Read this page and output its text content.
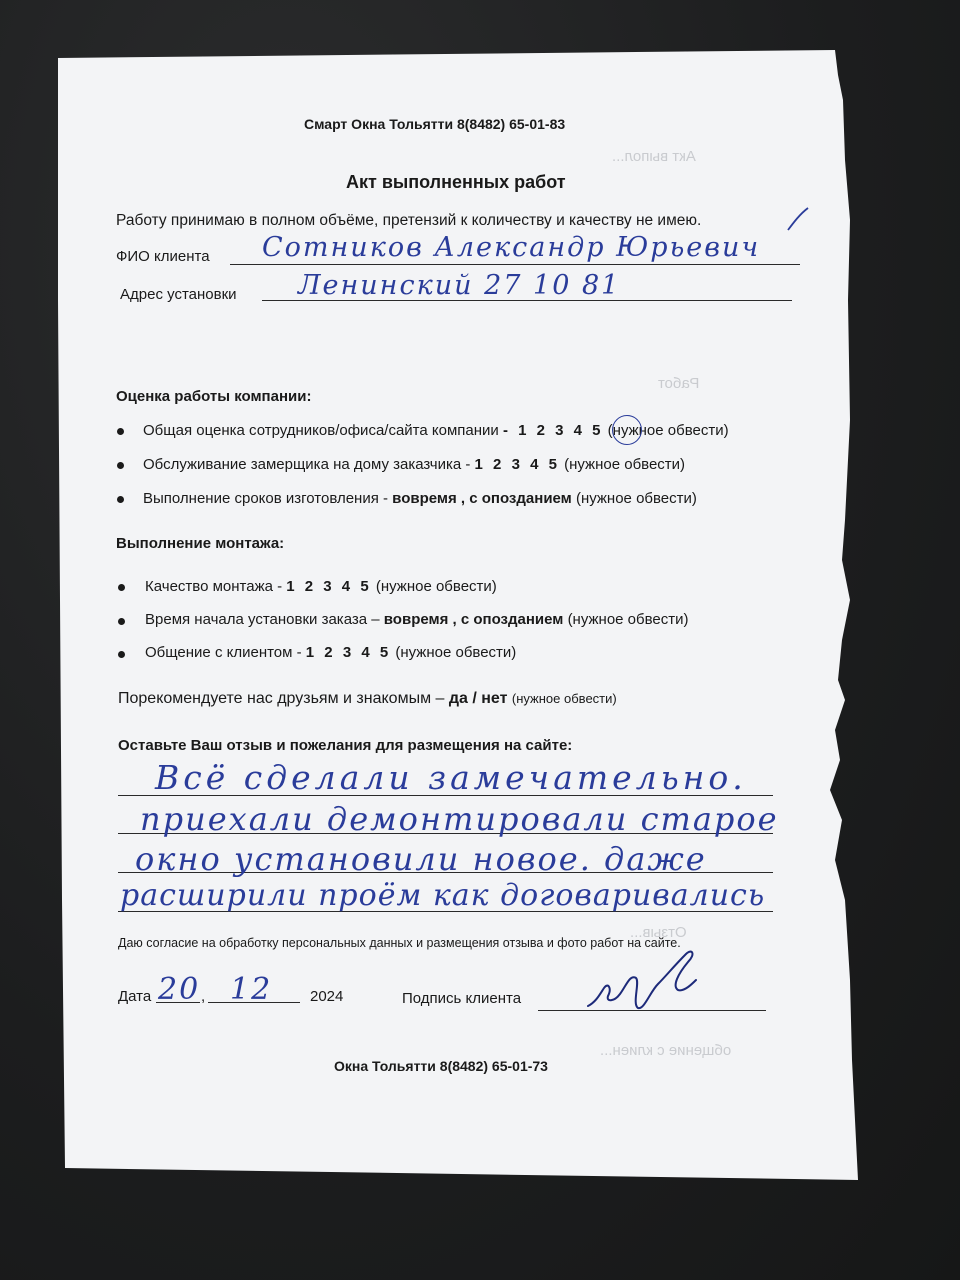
Акт выпол...
Работ
Отзыв...
общение с клиен...
Смарт Окна Тольятти 8(8482) 65-01-83
Акт выполненных работ
Работу принимаю в полном объёме, претензий к количеству и качеству не имею.
ФИО клиента Сотников Александр Юрьевич
Адрес установки Ленинский 27 10 81
Оценка работы компании:
Общая оценка сотрудников/офиса/сайта компании - 1 2 3 4 5 (нужное обвести)
Обслуживание замерщика на дому заказчика - 1 2 3 4 5 (нужное обвести)
Выполнение сроков изготовления - вовремя , с опозданием (нужное обвести)
Выполнение монтажа:
Качество монтажа - 1 2 3 4 5 (нужное обвести)
Время начала установки заказа – вовремя , с опозданием (нужное обвести)
Общение с клиентом - 1 2 3 4 5 (нужное обвести)
Порекомендуете нас друзьям и знакомым – да / нет (нужное обвести)
Оставьте Ваш отзыв и пожелания для размещения на сайте:
Всё сделали замечательно.
приехали демонтировали старое
окно установили новое. даже
расширили проём как договаривались
Даю согласие на обработку персональных данных и размещения отзыва и фото работ на сайте.
Дата	,
20 12	2024	Подпись клиента
Окна Тольятти 8(8482) 65-01-73
